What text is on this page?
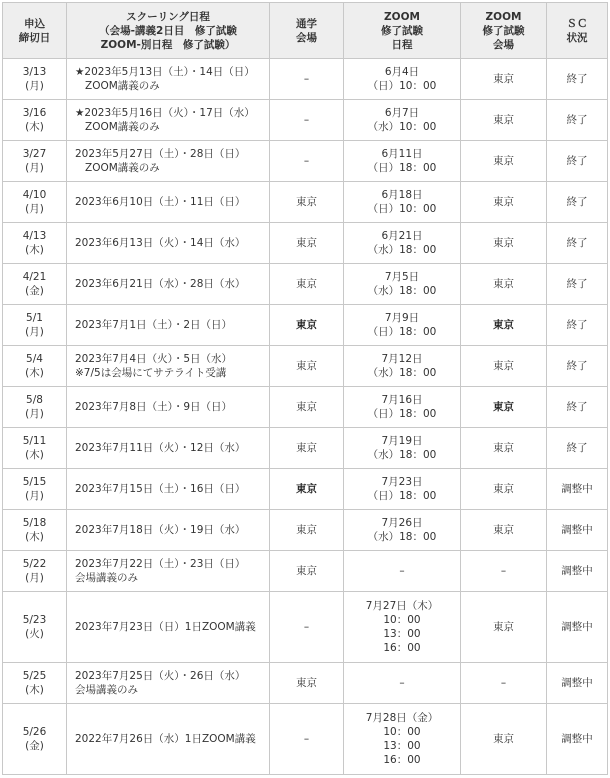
申込
締切日	スクーリング日程
（会場-講義2日目　修了試験
ZOOM-別日程　修了試験）	通学
会場	ZOOM
修了試験
日程	ZOOM
修了試験
会場	ＳＣ
状況

3/13
(月)	★2023年5月13日（土）・14日（日）
ZOOM講義のみ	–	6月4日
（日）10：00	東京	終了

3/16
(木)	★2023年5月16日（火）・17日（水）
ZOOM講義のみ	–	6月7日
（水）10：00	東京	終了

3/27
(月)	2023年5月27日（土）・28日（日）
ZOOM講義のみ	–	6月11日
（日）18：00	東京	終了

4/10
(月)	2023年6月10日（土）・11日（日）	東京	6月18日
（日）10：00	東京	終了

4/13
(木)	2023年6月13日（火）・14日（水）	東京	6月21日
（水）18：00	東京	終了

4/21
(金)	2023年6月21日（水）・28日（水）	東京	7月5日
（水）18：00	東京	終了

5/1
(月)	2023年7月1日（土）・2日（日）	東京	7月9日
（日）18：00	東京	終了

5/4
(木)	2023年7月4日（火）・5日（水）
※7/5は会場にてサテライト受講	東京	7月12日
（水）18：00	東京	終了

5/8
(月)	2023年7月8日（土）・9日（日）	東京	7月16日
（日）18：00	東京	終了

5/11
(木)	2023年7月11日（火）・12日（水）	東京	7月19日
（水）18：00	東京	終了

5/15
(月)	2023年7月15日（土）・16日（日）	東京	7月23日
（日）18：00	東京	調整中

5/18
(木)	2023年7月18日（火）・19日（水）	東京	7月26日
（水）18：00	東京	調整中

5/22
(月)	2023年7月22日（土）・23日（日）
会場講義のみ	東京	–	–	調整中

5/23
(火)	2023年7月23日（日）1日ZOOM講義	–	7月27日（木）
10：00
13：00
16：00	東京	調整中

5/25
(木)	2023年7月25日（火）・26日（水）
会場講義のみ	東京	–	–	調整中

5/26
(金)	2022年7月26日（水）1日ZOOM講義	–	7月28日（金）
10：00
13：00
16：00	東京	調整中
